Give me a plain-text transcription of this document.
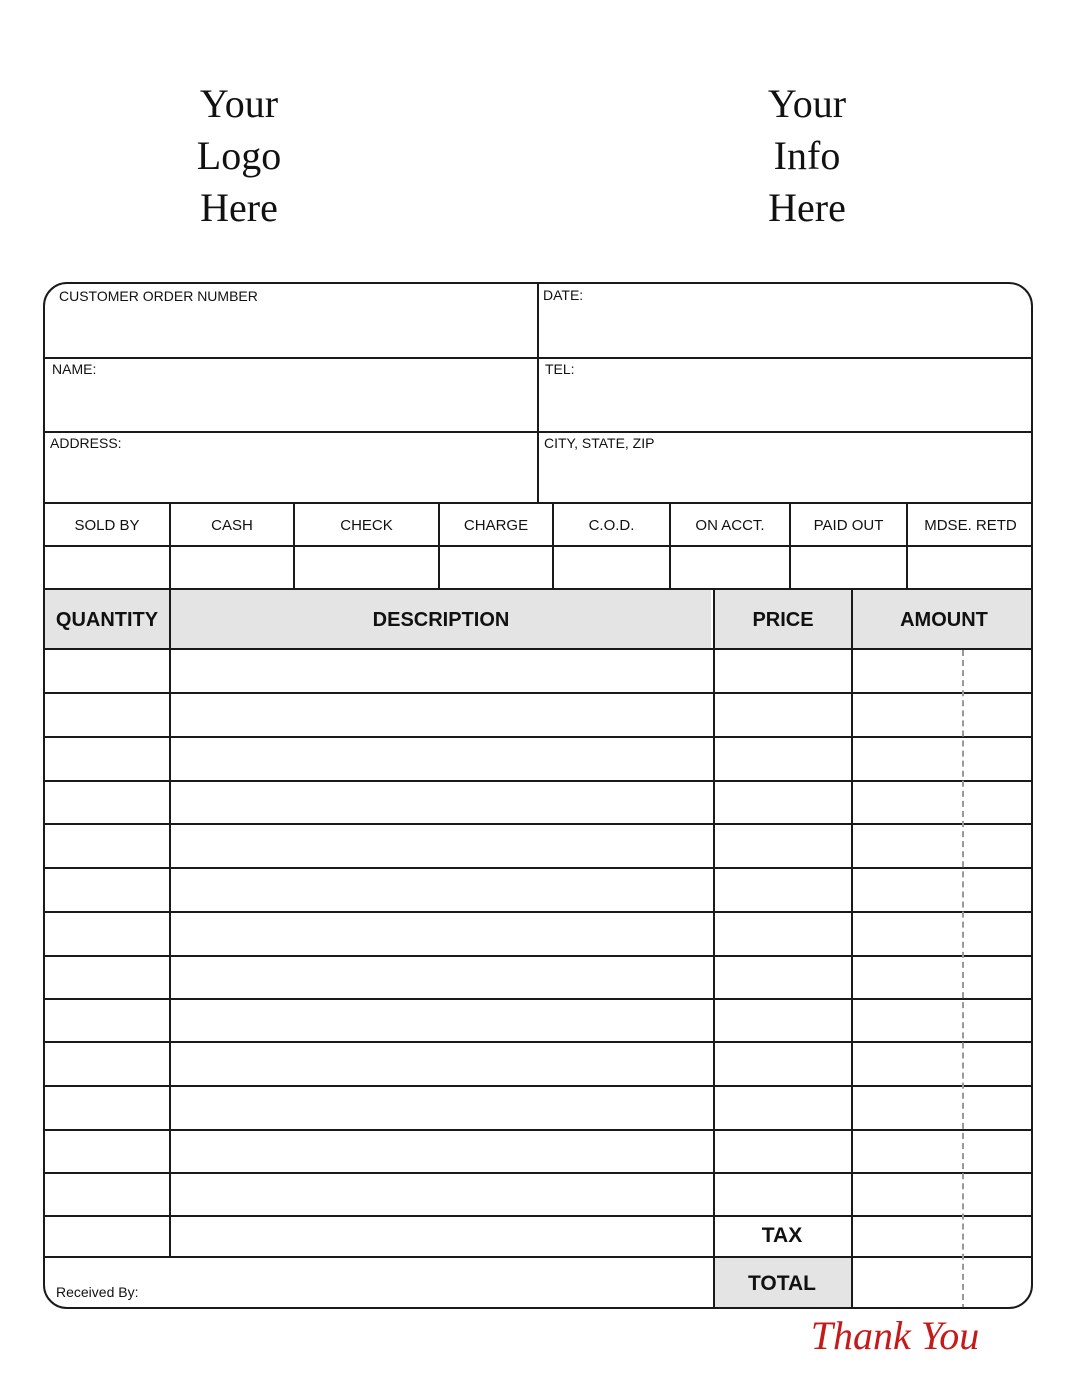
Your
Logo
Here
Your
Info
Here
CUSTOMER ORDER NUMBER	DATE:
NAME:	TEL:
ADDRESS:	CITY, STATE, ZIP
SOLD BY	CASH	CHECK	CHARGE	C.O.D.	ON ACCT.	PAID OUT	MDSE. RETD
QUANTITY	DESCRIPTION	PRICE	AMOUNT
TAX
TOTAL
Received By:
Thank You
